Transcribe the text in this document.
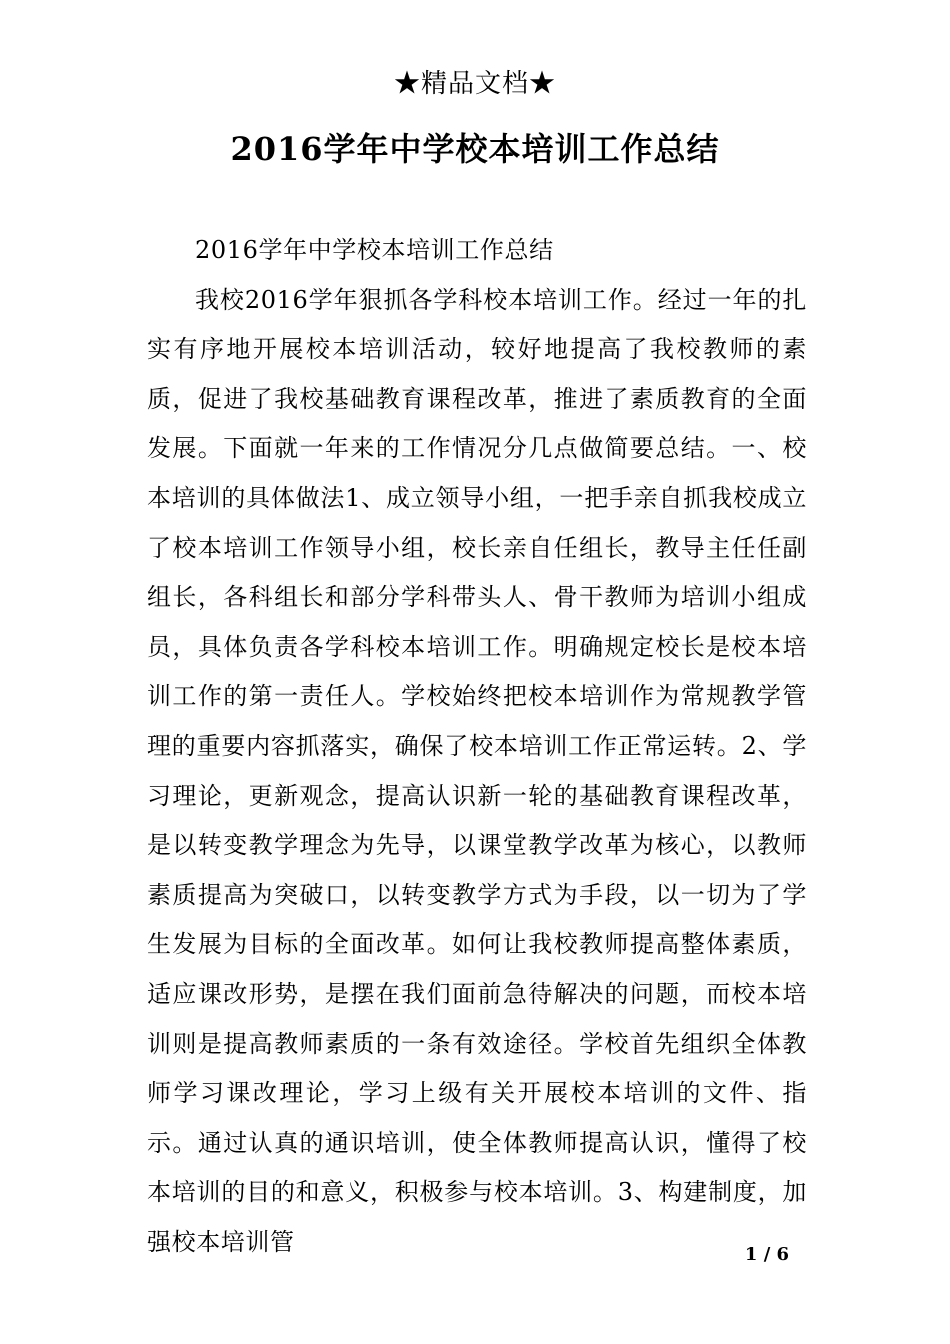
★精品文档★
2016学年中学校本培训工作总结

2016学年中学校本培训工作总结

我校2016学年狠抓各学科校本培训工作。经过一年的扎实有序地开展校本培训活动，较好地提高了我校教师的素质，促进了我校基础教育课程改革，推进了素质教育的全面发展。下面就一年来的工作情况分几点做简要总结。一、校本培训的具体做法1、成立领导小组，一把手亲自抓我校成立了校本培训工作领导小组，校长亲自任组长，教导主任任副组长，各科组长和部分学科带头人、骨干教师为培训小组成员，具体负责各学科校本培训工作。明确规定校长是校本培训工作的第一责任人。学校始终把校本培训作为常规教学管理的重要内容抓落实，确保了校本培训工作正常运转。2、学习理论，更新观念，提高认识新一轮的基础教育课程改革，是以转变教学理念为先导，以课堂教学改革为核心，以教师素质提高为突破口，以转变教学方式为手段，以一切为了学生发展为目标的全面改革。如何让我校教师提高整体素质，适应课改形势，是摆在我们面前急待解决的问题，而校本培训则是提高教师素质的一条有效途径。学校首先组织全体教师学习课改理论，学习上级有关开展校本培训的文件、指示。通过认真的通识培训，使全体教师提高认识，懂得了校本培训的目的和意义，积极参与校本培训。3、构建制度，加强校本培训管	1 / 6
